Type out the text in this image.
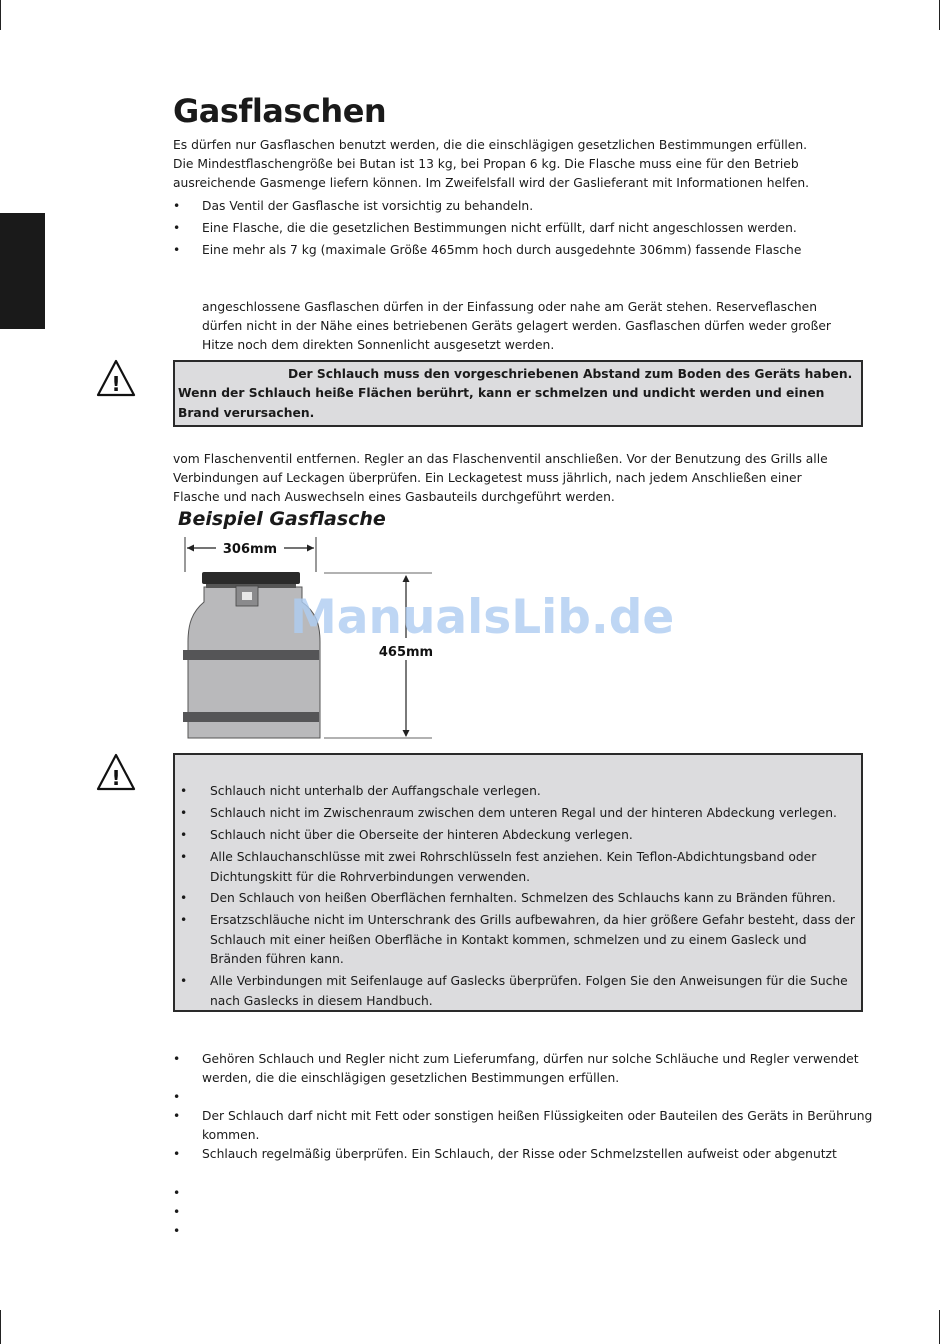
Gasflaschen
Es dürfen nur Gasflaschen benutzt werden, die die einschlägigen gesetzlichen Bestimmungen erfüllen.
Die Mindestflaschengröße bei Butan ist 13 kg, bei Propan 6 kg. Die Flasche muss eine für den Betrieb
ausreichende Gasmenge liefern können. Im Zweifelsfall wird der Gaslieferant mit Informationen helfen.
• Das Ventil der Gasflasche ist vorsichtig zu behandeln.
• Eine Flasche, die die gesetzlichen Bestimmungen nicht erfüllt, darf nicht angeschlossen werden.
• Eine mehr als 7 kg (maximale Größe 465mm hoch durch ausgedehnte 306mm) fassende Flasche
angeschlossene Gasflaschen dürfen in der Einfassung oder nahe am Gerät stehen. Reserveflaschen
dürfen nicht in der Nähe eines betriebenen Geräts gelagert werden. Gasflaschen dürfen weder großer
Hitze noch dem direkten Sonnenlicht ausgesetzt werden.
!	Der Schlauch muss den vorgeschriebenen Abstand zum Boden des Geräts haben.
Wenn der Schlauch heiße Flächen berührt, kann er schmelzen und undicht werden und einen Brand verursachen.
vom Flaschenventil entfernen. Regler an das Flaschenventil anschließen. Vor der Benutzung des Grills alle
Verbindungen auf Leckagen überprüfen. Ein Leckagetest muss jährlich, nach jedem Anschließen einer
Flasche und nach Auswechseln eines Gasbauteils durchgeführt werden.
Beispiel Gasflasche
306mm
465mm
ManualsLib.de
!
• Schlauch nicht unterhalb der Auffangschale verlegen.
• Schlauch nicht im Zwischenraum zwischen dem unteren Regal und der hinteren Abdeckung verlegen.
• Schlauch nicht über die Oberseite der hinteren Abdeckung verlegen.
• Alle Schlauchanschlüsse mit zwei Rohrschlüsseln fest anziehen. Kein Teflon-Abdichtungsband oder Dichtungskitt für die Rohrverbindungen verwenden.
• Den Schlauch von heißen Oberflächen fernhalten. Schmelzen des Schlauchs kann zu Bränden führen.
• Ersatzschläuche nicht im Unterschrank des Grills aufbewahren, da hier größere Gefahr besteht, dass der Schlauch mit einer heißen Oberfläche in Kontakt kommen, schmelzen und zu einem Gasleck und Bränden führen kann.
• Alle Verbindungen mit Seifenlauge auf Gaslecks überprüfen. Folgen Sie den Anweisungen für die Suche nach Gaslecks in diesem Handbuch.
• Gehören Schlauch und Regler nicht zum Lieferumfang, dürfen nur solche Schläuche und Regler verwendet werden, die die einschlägigen gesetzlichen Bestimmungen erfüllen.
•
• Der Schlauch darf nicht mit Fett oder sonstigen heißen Flüssigkeiten oder Bauteilen des Geräts in Berührung kommen.
• Schlauch regelmäßig überprüfen. Ein Schlauch, der Risse oder Schmelzstellen aufweist oder abgenutzt
•
•
•
